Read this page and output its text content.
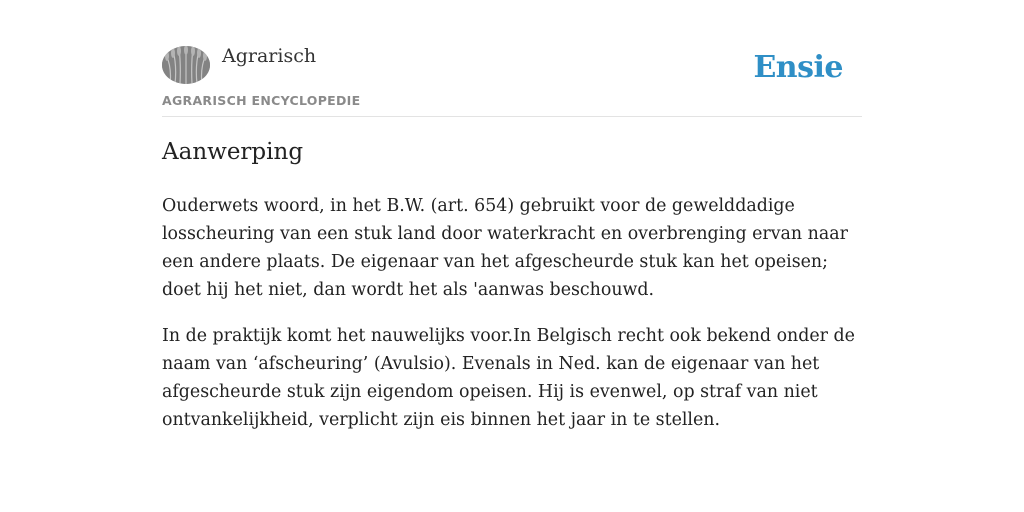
Agrarisch
AGRARISCH ENCYCLOPEDIE
Ensie
Aanwerping

Ouderwets woord, in het B.W. (art. 654) gebruikt voor de gewelddadige losscheuring van een stuk land door waterkracht en overbrenging ervan naar een andere plaats. De eigenaar van het afgescheurde stuk kan het opeisen; doet hij het niet, dan wordt het als 'aanwas beschouwd.

In de praktijk komt het nauwelijks voor.In Belgisch recht ook bekend onder de naam van ‘afscheuring’ (Avulsio). Evenals in Ned. kan de eigenaar van het afgescheurde stuk zijn eigendom opeisen. Hij is evenwel, op straf van niet ontvankelijkheid, verplicht zijn eis binnen het jaar in te stellen.
